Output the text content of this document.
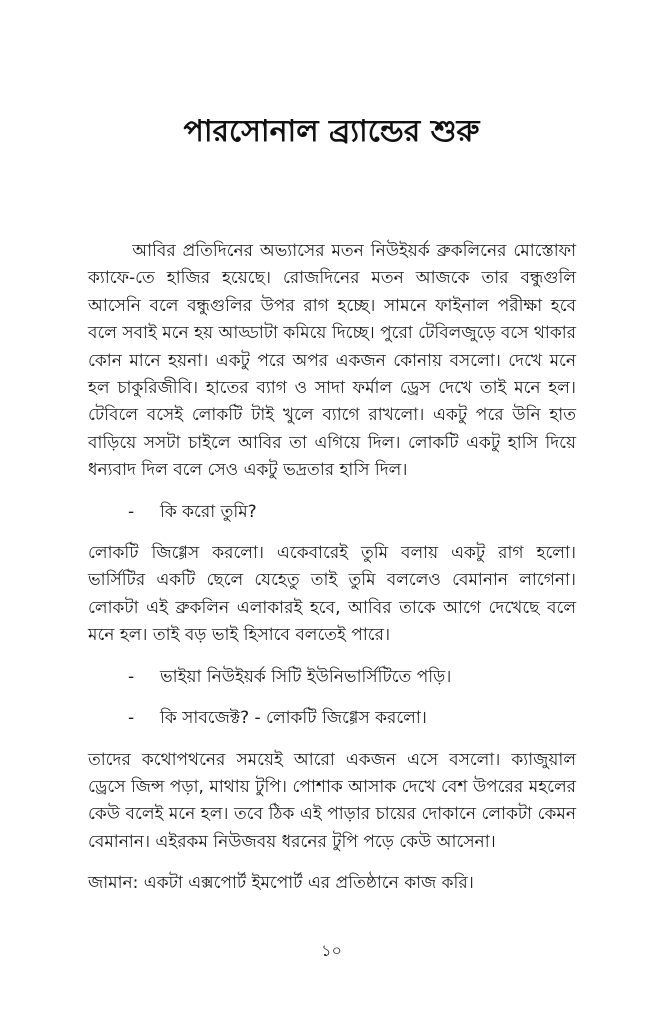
পারসোনাল ব্র্যান্ডের শুরু

আবির প্রতিদিনের অভ্যাসের মতন নিউইয়র্ক ব্রুকলিনের মোস্তোফা ক্যাফে-তে হাজির হয়েছে। রোজদিনের মতন আজকে তার বন্ধুগুলি আসেনি বলে বন্ধুগুলির উপর রাগ হচ্ছে। সামনে ফাইনাল পরীক্ষা হবে বলে সবাই মনে হয় আড্ডাটা কমিয়ে দিচ্ছে। পুরো টেবিলজুড়ে বসে থাকার কোন মানে হয়না। একটু পরে অপর একজন কোনায় বসলো। দেখে মনে হল চাকুরিজীবি। হাতের ব্যাগ ও সাদা ফর্মাল ড্রেস দেখে তাই মনে হল। টেবিলে বসেই লোকটি টাই খুলে ব্যাগে রাখলো। একটু পরে উনি হাত বাড়িয়ে সসটা চাইলে আবির তা এগিয়ে দিল। লোকটি একটু হাসি দিয়ে ধন্যবাদ দিল বলে সেও একটু ভদ্রতার হাসি দিল।

- কি করো তুমি?

লোকটি জিগ্গেস করলো। একেবারেই তুমি বলায় একটু রাগ হলো। ভার্সিটির একটি ছেলে যেহেতু তাই তুমি বললেও বেমানান লাগেনা। লোকটা এই ব্রুকলিন এলাকারই হবে, আবির তাকে আগে দেখেছে বলে মনে হল। তাই বড় ভাই হিসাবে বলতেই পারে।

- ভাইয়া নিউইয়র্ক সিটি ইউনিভার্সিটিতে পড়ি।
- কি সাবজেক্ট? - লোকটি জিগ্গেস করলো।

তাদের কথোপথনের সময়েই আরো একজন এসে বসলো। ক্যাজুয়াল ড্রেসে জিন্স পড়া, মাথায় টুপি। পোশাক আসাক দেখে বেশ উপরের মহলের কেউ বলেই মনে হল। তবে ঠিক এই পাড়ার চায়ের দোকানে লোকটা কেমন বেমানান। এইরকম নিউজবয় ধরনের টুপি পড়ে কেউ আসেনা।

জামান: একটা এক্সপোর্ট ইমপোর্ট এর প্রতিষ্ঠানে কাজ করি।

১০
